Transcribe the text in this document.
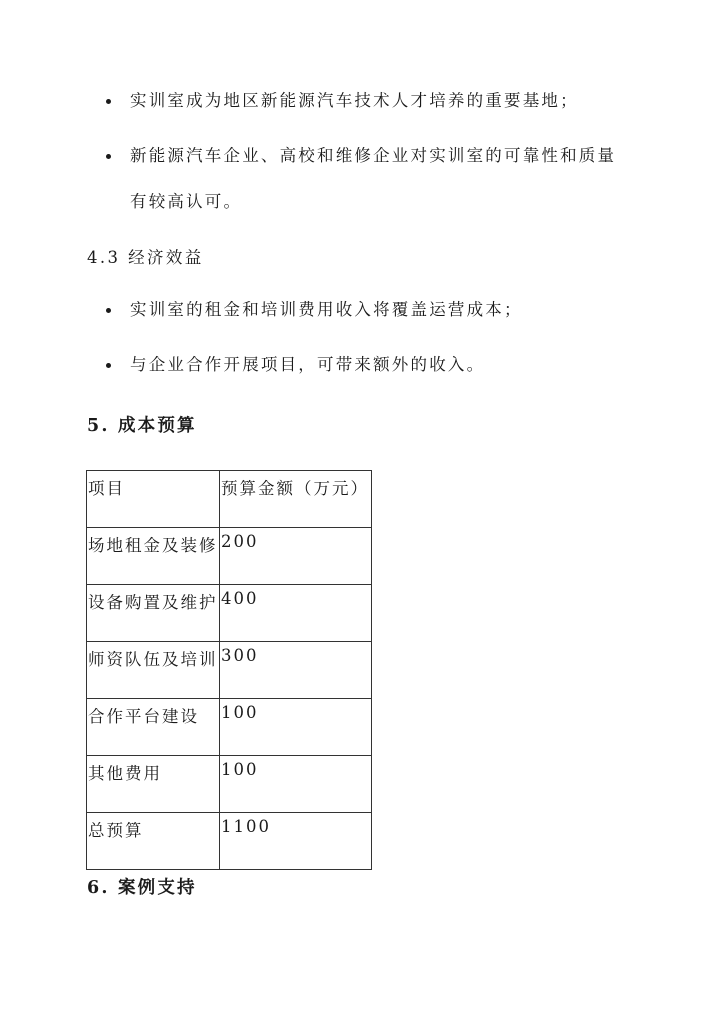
实训室成为地区新能源汽车技术人才培养的重要基地；
新能源汽车企业、高校和维修企业对实训室的可靠性和质量
有较高认可。
4.3 经济效益
实训室的租金和培训费用收入将覆盖运营成本；
与企业合作开展项目，可带来额外的收入。
5. 成本预算
项目	预算金额（万元）
场地租金及装修	200
设备购置及维护	400
师资队伍及培训	300
合作平台建设	100
其他费用	100
总预算	1100
6. 案例支持
